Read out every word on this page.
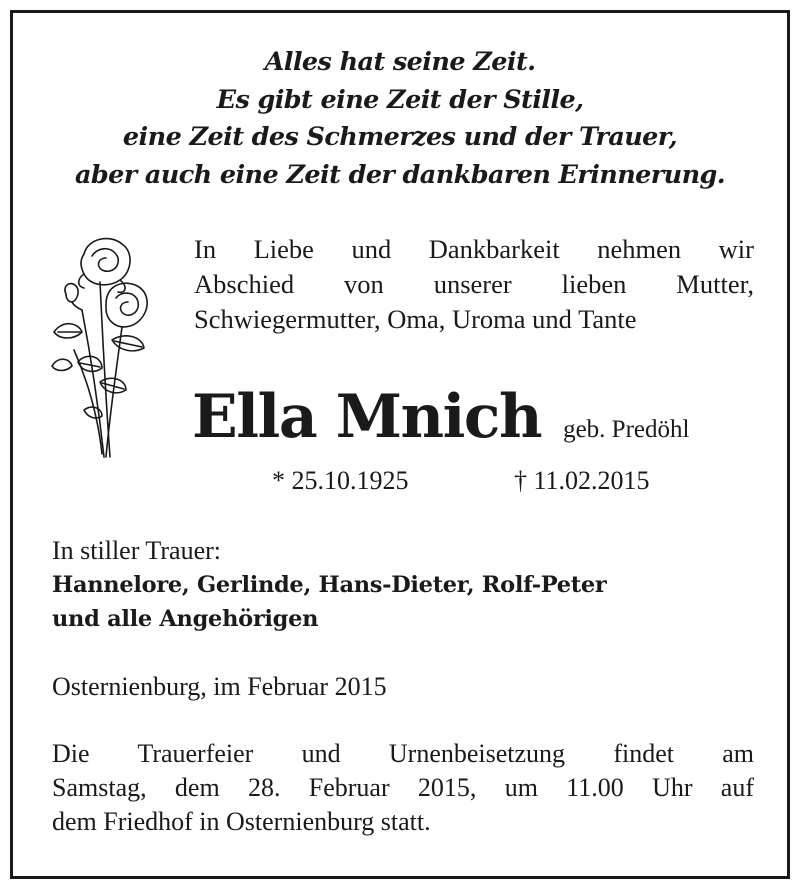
Alles hat seine Zeit.
Es gibt eine Zeit der Stille,
eine Zeit des Schmerzes und der Trauer,
aber auch eine Zeit der dankbaren Erinnerung.
In Liebe und Dankbarkeit nehmen wir
Abschied von unserer lieben Mutter,
Schwiegermutter, Oma, Uroma und Tante
Ella Mnich geb. Predöhl
* 25.10.1925	† 11.02.2015
In stiller Trauer:
Hannelore, Gerlinde, Hans-Dieter, Rolf-Peter
und alle Angehörigen
Osternienburg, im Februar 2015
Die Trauerfeier und Urnenbeisetzung findet am
Samstag, dem 28. Februar 2015, um 11.00 Uhr auf
dem Friedhof in Osternienburg statt.
